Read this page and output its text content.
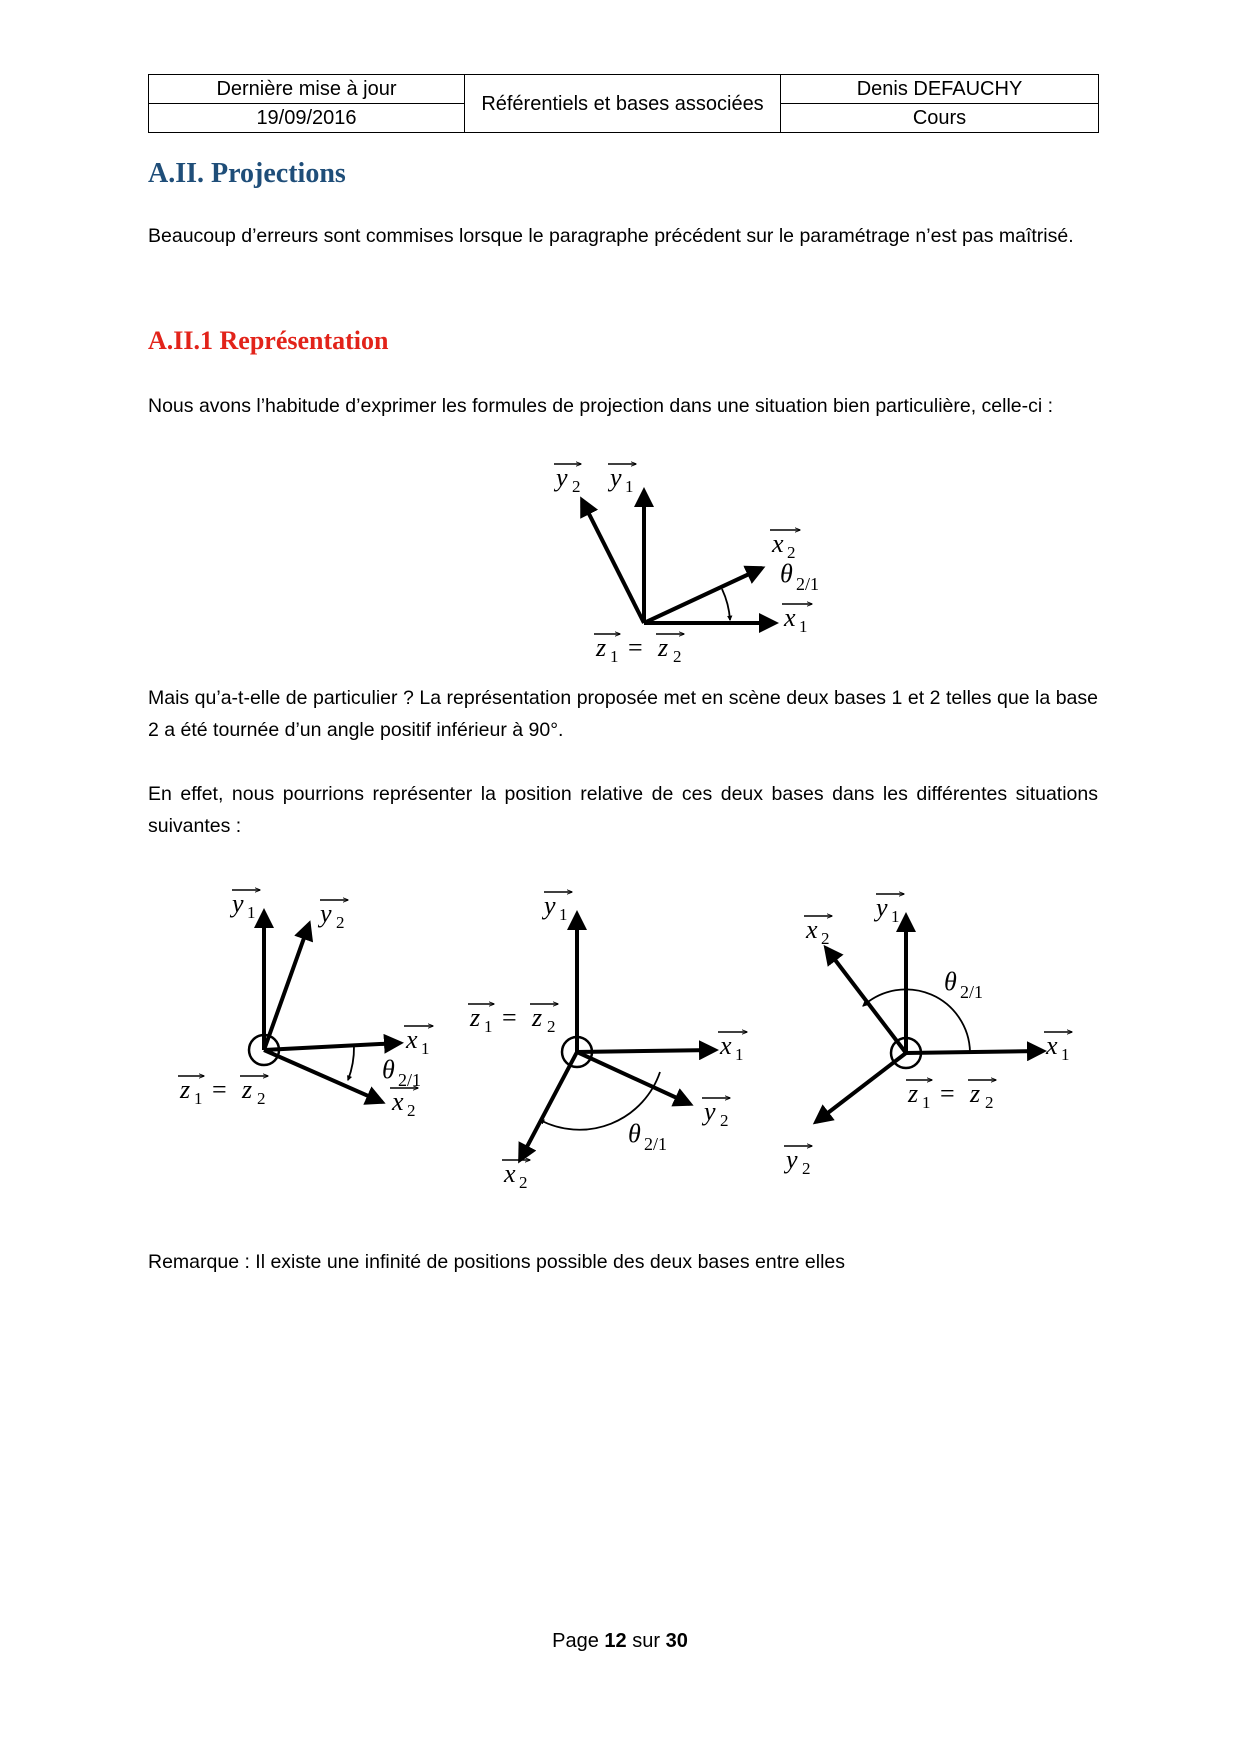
Dernière mise à jour	Référentiels et bases associées	Denis DEFAUCHY
19/09/2016		Cours
A.II. Projections

Beaucoup d’erreurs sont commises lorsque le paragraphe précédent sur le paramétrage n’est pas maîtrisé.

A.II.1 Représentation

Nous avons l’habitude d’exprimer les formules de projection dans une situation bien particulière, celle-ci :

y 2 y 1
x 2
θ 2/1
x 1
z 1 = z 2

Mais qu’a-t-elle de particulier ? La représentation proposée met en scène deux bases 1 et 2 telles que la base 2 a été tournée d’un angle positif inférieur à 90°.

En effet, nous pourrions représenter la position relative de ces deux bases dans les différentes situations suivantes :

y 1 y 2
x 1
θ 2/1
x 2
z 1 = z 2
y 1
z 1 = z 2
x 1
y 2
θ 2/1
x 2
x 2
y 1
θ 2/1
x 1
z 1 = z 2
y 2

Remarque : Il existe une infinité de positions possible des deux bases entre elles

Page 12 sur 30
